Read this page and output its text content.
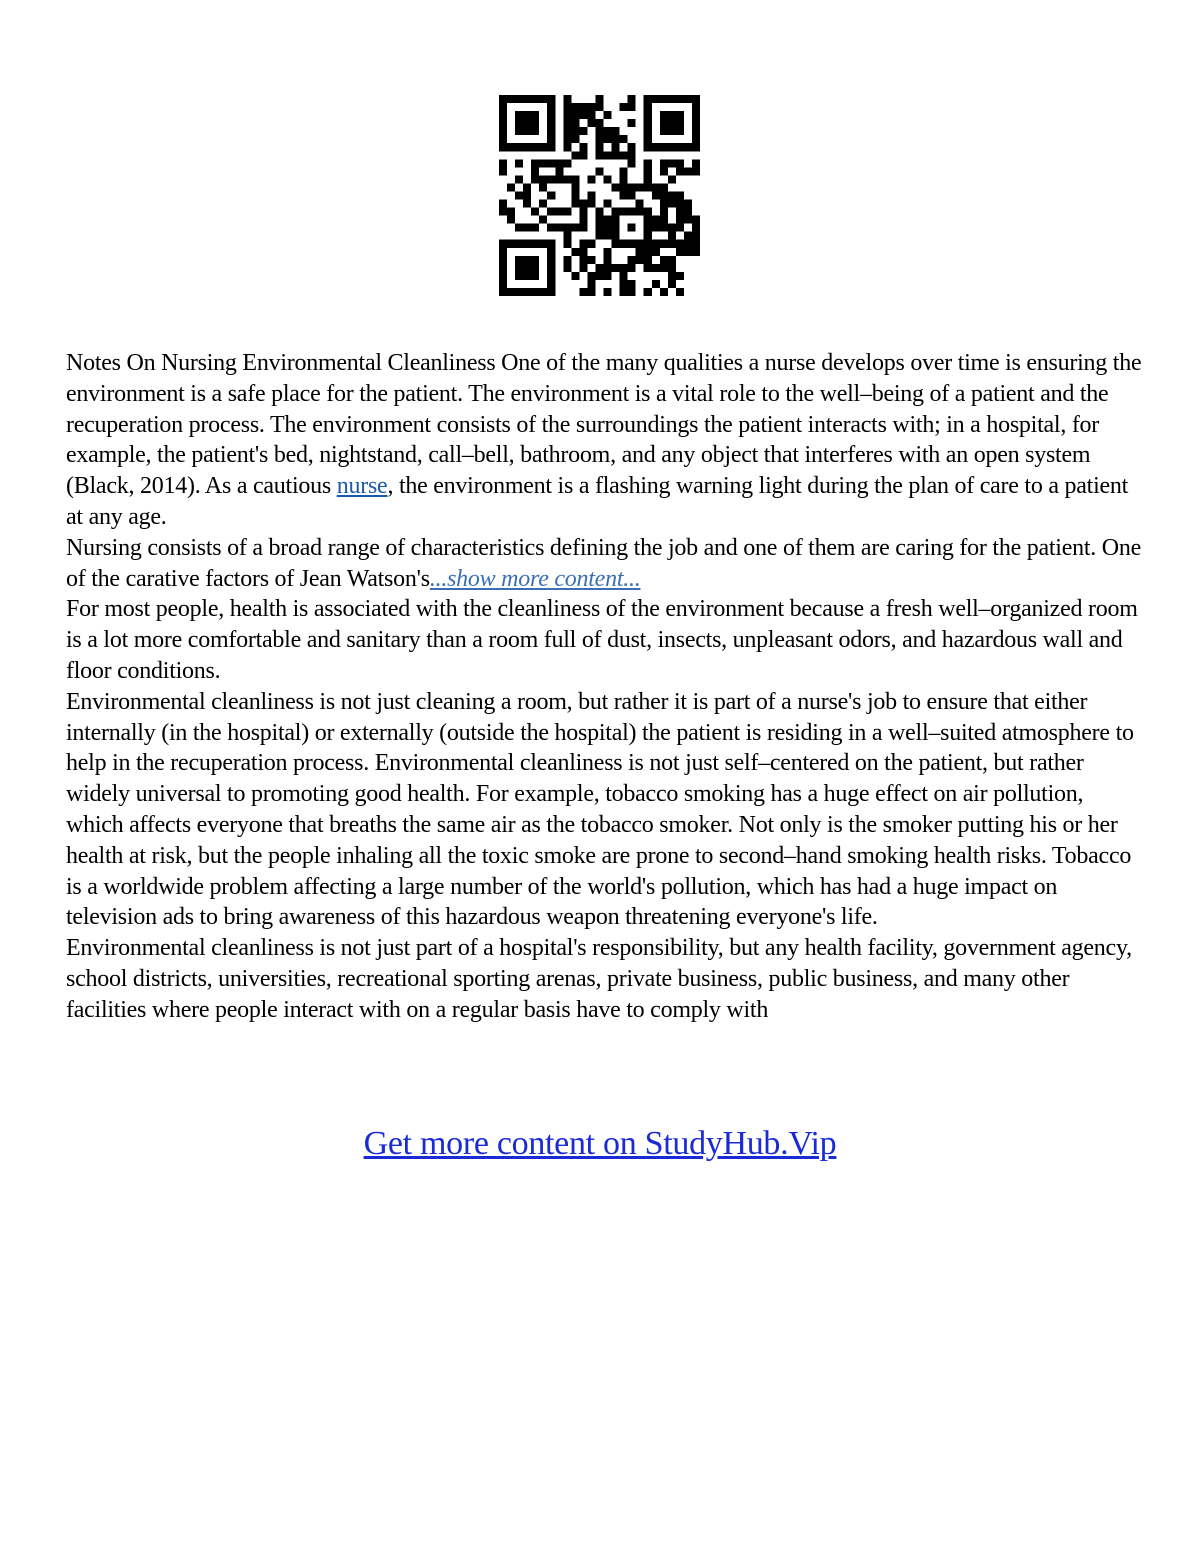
Notes On Nursing Environmental Cleanliness One of the many qualities a nurse develops over time is ensuring the environment is a safe place for the patient. The environment is a vital role to the well–being of a patient and the recuperation process. The environment consists of the surroundings the patient interacts with; in a hospital, for example, the patient's bed, nightstand, call–bell, bathroom, and any object that interferes with an open system (Black, 2014). As a cautious nurse, the environment is a flashing warning light during the plan of care to a patient at any age.

Nursing consists of a broad range of characteristics defining the job and one of them are caring for the patient. One of the carative factors of Jean Watson's...show more content...

For most people, health is associated with the cleanliness of the environment because a fresh well–organized room is a lot more comfortable and sanitary than a room full of dust, insects, unpleasant odors, and hazardous wall and floor conditions.

Environmental cleanliness is not just cleaning a room, but rather it is part of a nurse's job to ensure that either internally (in the hospital) or externally (outside the hospital) the patient is residing in a well–suited atmosphere to help in the recuperation process. Environmental cleanliness is not just self–centered on the patient, but rather widely universal to promoting good health. For example, tobacco smoking has a huge effect on air pollution, which affects everyone that breaths the same air as the tobacco smoker. Not only is the smoker putting his or her health at risk, but the people inhaling all the toxic smoke are prone to second–hand smoking health risks. Tobacco is a worldwide problem affecting a large number of the world's pollution, which has had a huge impact on television ads to bring awareness of this hazardous weapon threatening everyone's life.

Environmental cleanliness is not just part of a hospital's responsibility, but any health facility, government agency, school districts, universities, recreational sporting arenas, private business, public business, and many other facilities where people interact with on a regular basis have to comply with

Get more content on StudyHub.Vip
